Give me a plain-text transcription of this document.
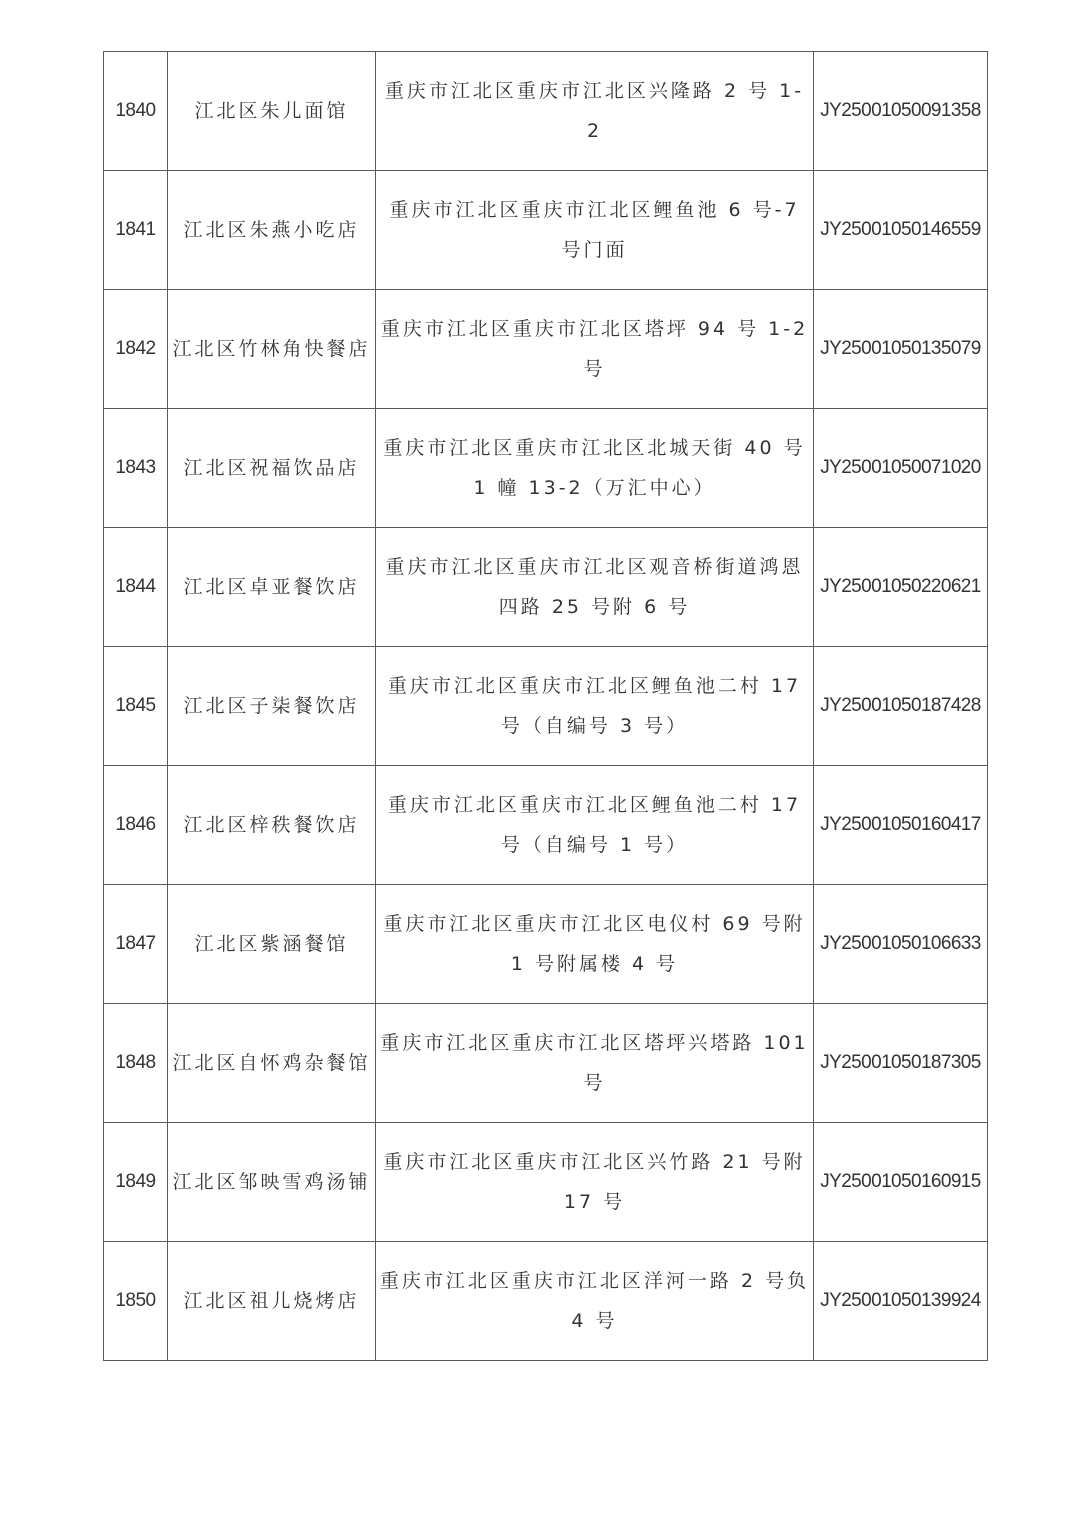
1840	江北区朱儿面馆	重庆市江北区重庆市江北区兴隆路 2 号 1-2	JY25001050091358
1841	江北区朱燕小吃店	重庆市江北区重庆市江北区鲤鱼池 6 号-7 号门面	JY25001050146559
1842	江北区竹林角快餐店	重庆市江北区重庆市江北区塔坪 94 号 1-2 号	JY25001050135079
1843	江北区祝福饮品店	重庆市江北区重庆市江北区北城天街 40 号 1 幢 13-2（万汇中心）	JY25001050071020
1844	江北区卓亚餐饮店	重庆市江北区重庆市江北区观音桥街道鸿恩四路 25 号附 6 号	JY25001050220621
1845	江北区子柒餐饮店	重庆市江北区重庆市江北区鲤鱼池二村 17 号（自编号 3 号）	JY25001050187428
1846	江北区梓秩餐饮店	重庆市江北区重庆市江北区鲤鱼池二村 17 号（自编号 1 号）	JY25001050160417
1847	江北区紫涵餐馆	重庆市江北区重庆市江北区电仪村 69 号附 1 号附属楼 4 号	JY25001050106633
1848	江北区自怀鸡杂餐馆	重庆市江北区重庆市江北区塔坪兴塔路 101 号	JY25001050187305
1849	江北区邹映雪鸡汤铺	重庆市江北区重庆市江北区兴竹路 21 号附 17 号	JY25001050160915
1850	江北区祖儿烧烤店	重庆市江北区重庆市江北区洋河一路 2 号负 4 号	JY25001050139924
